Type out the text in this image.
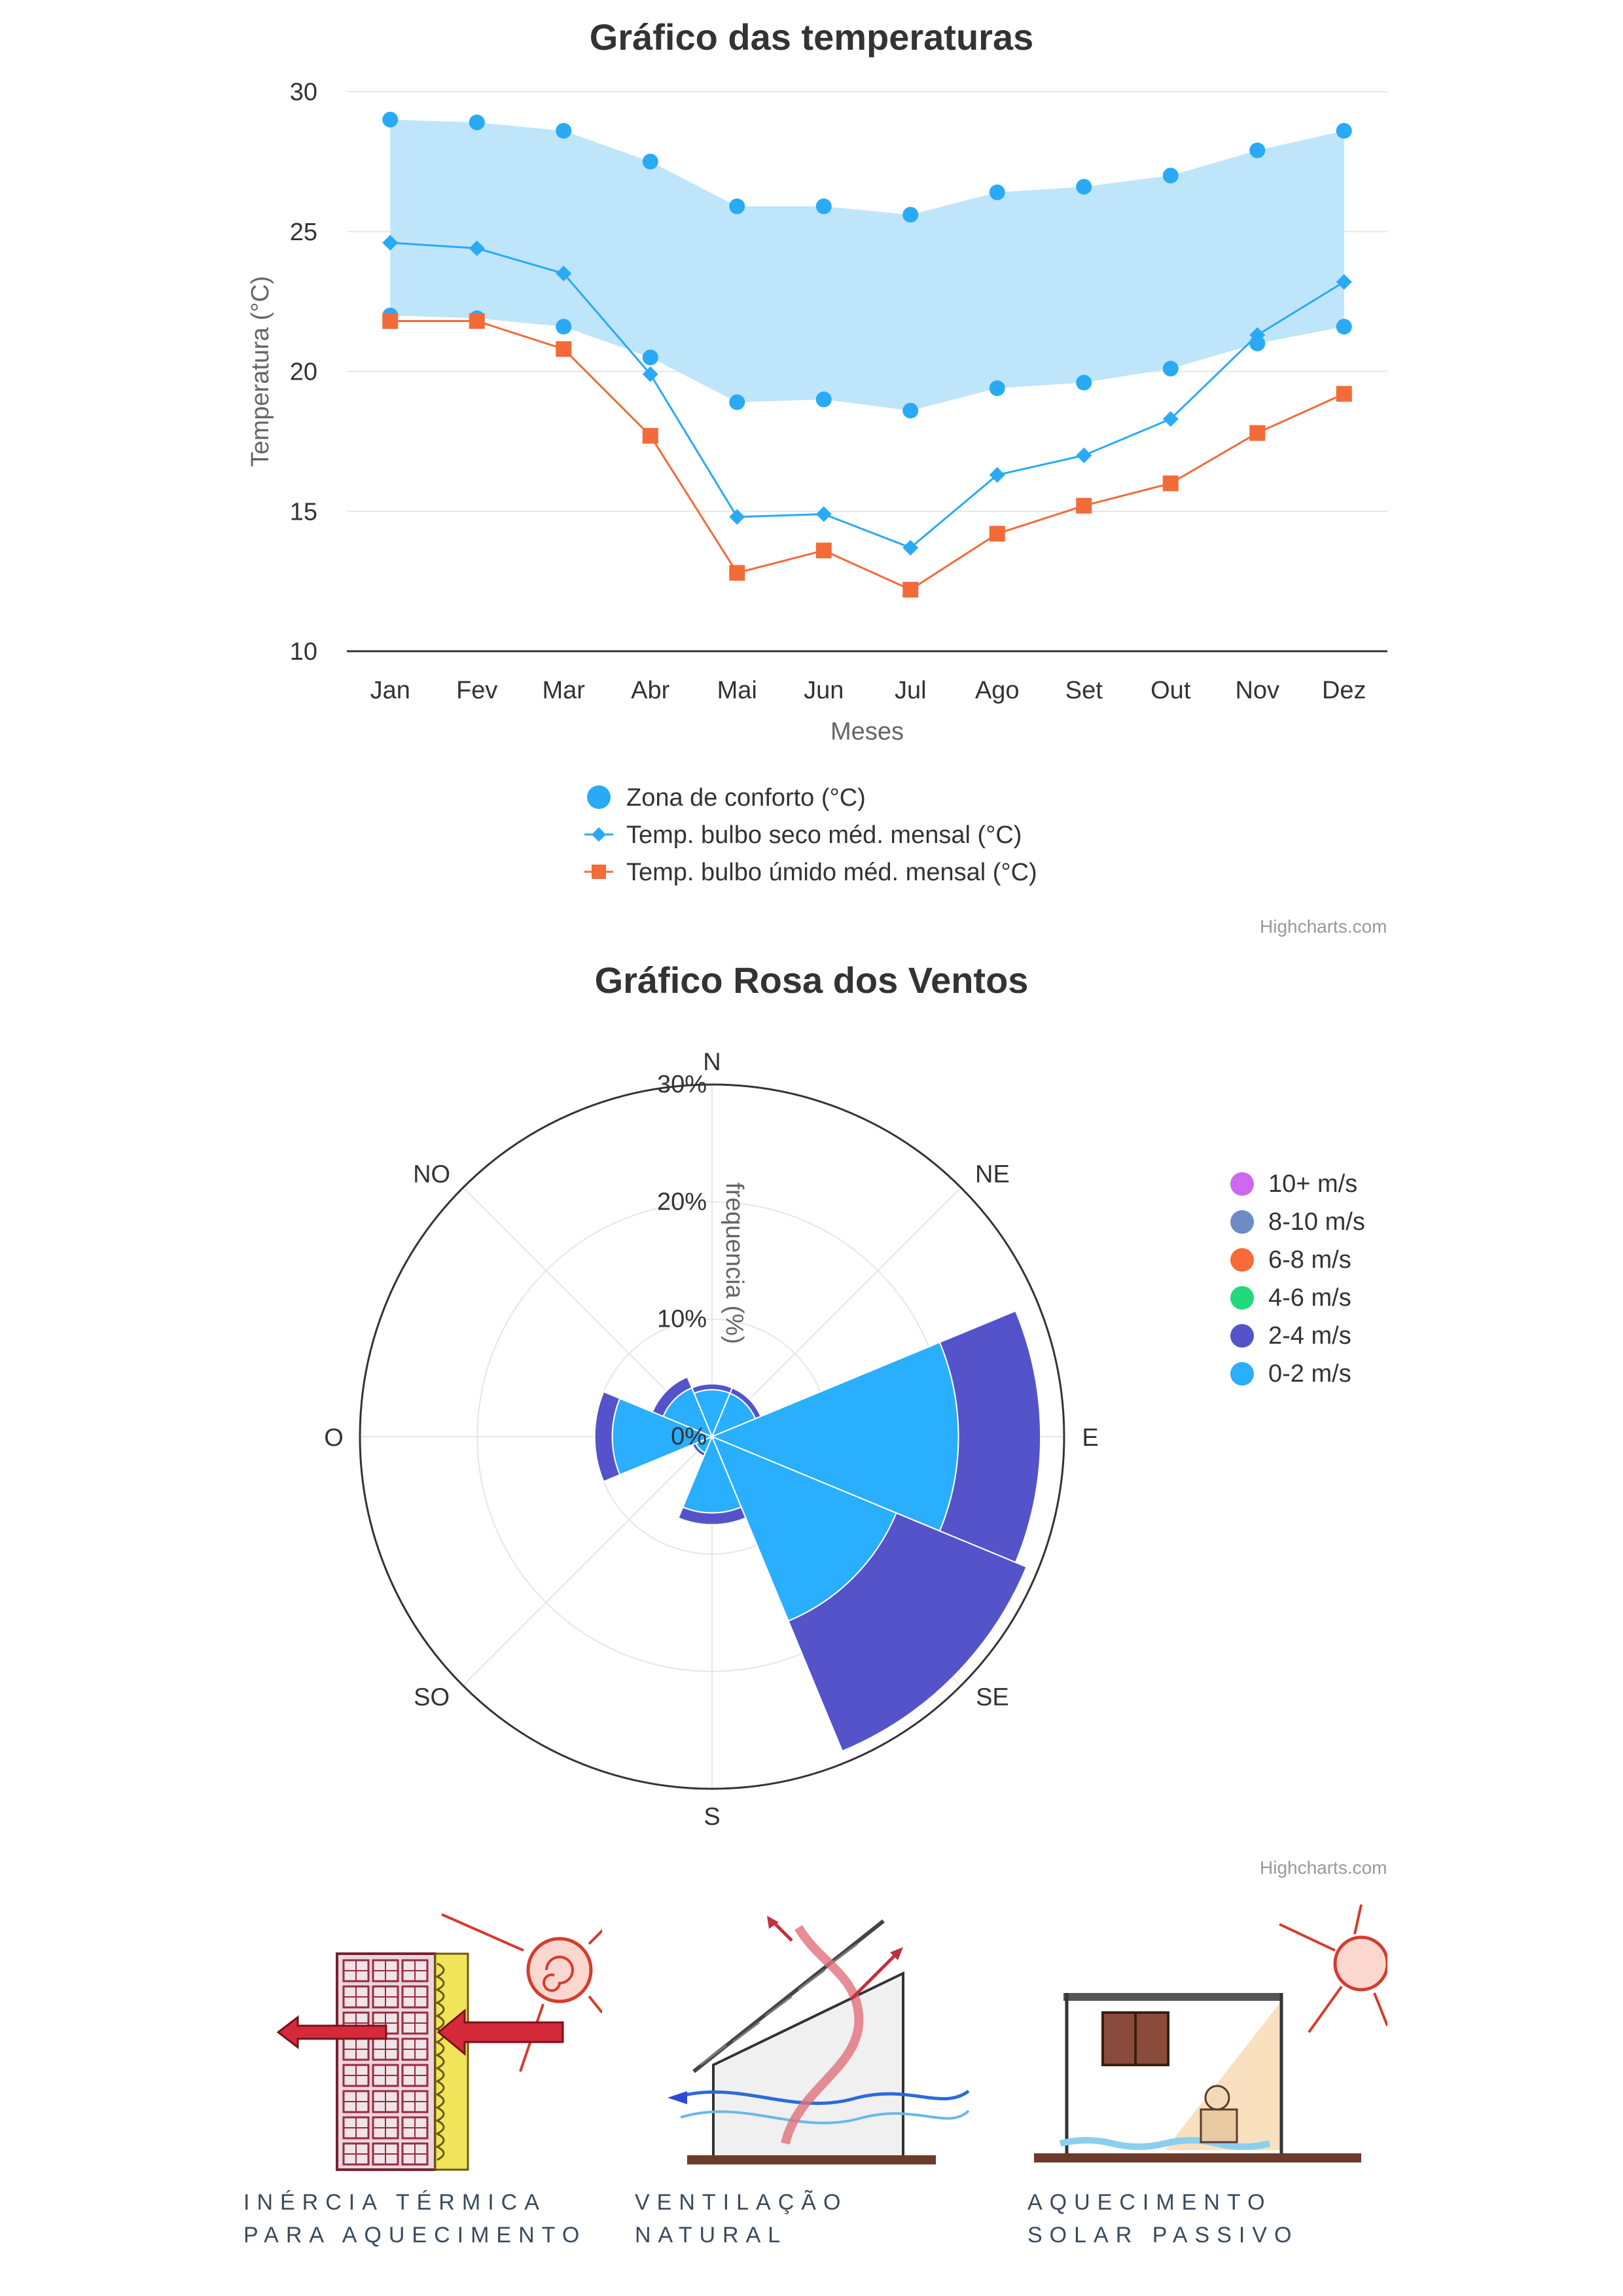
Gráfico das temperaturas
10
15
20
25
30
Jan Fev Mar Abr Mai Jun Jul Ago Set Out Nov Dez
Meses
Temperatura (°C)
Zona de conforto (°C)
Temp. bulbo seco méd. mensal (°C)
Temp. bulbo úmido méd. mensal (°C)
Highcharts.com
Gráfico Rosa dos Ventos
N
NE
E
SE
S
SO
O
NO
0%
10%
20%
30%
frequencia (%)	10+ m/s
8-10 m/s
6-8 m/s
4-6 m/s
2-4 m/s
0-2 m/s
Highcharts.com
INÉRCIA TÉRMICA
PARA AQUECIMENTO
VENTILAÇÃO
NATURAL
AQUECIMENTO
SOLAR PASSIVO
